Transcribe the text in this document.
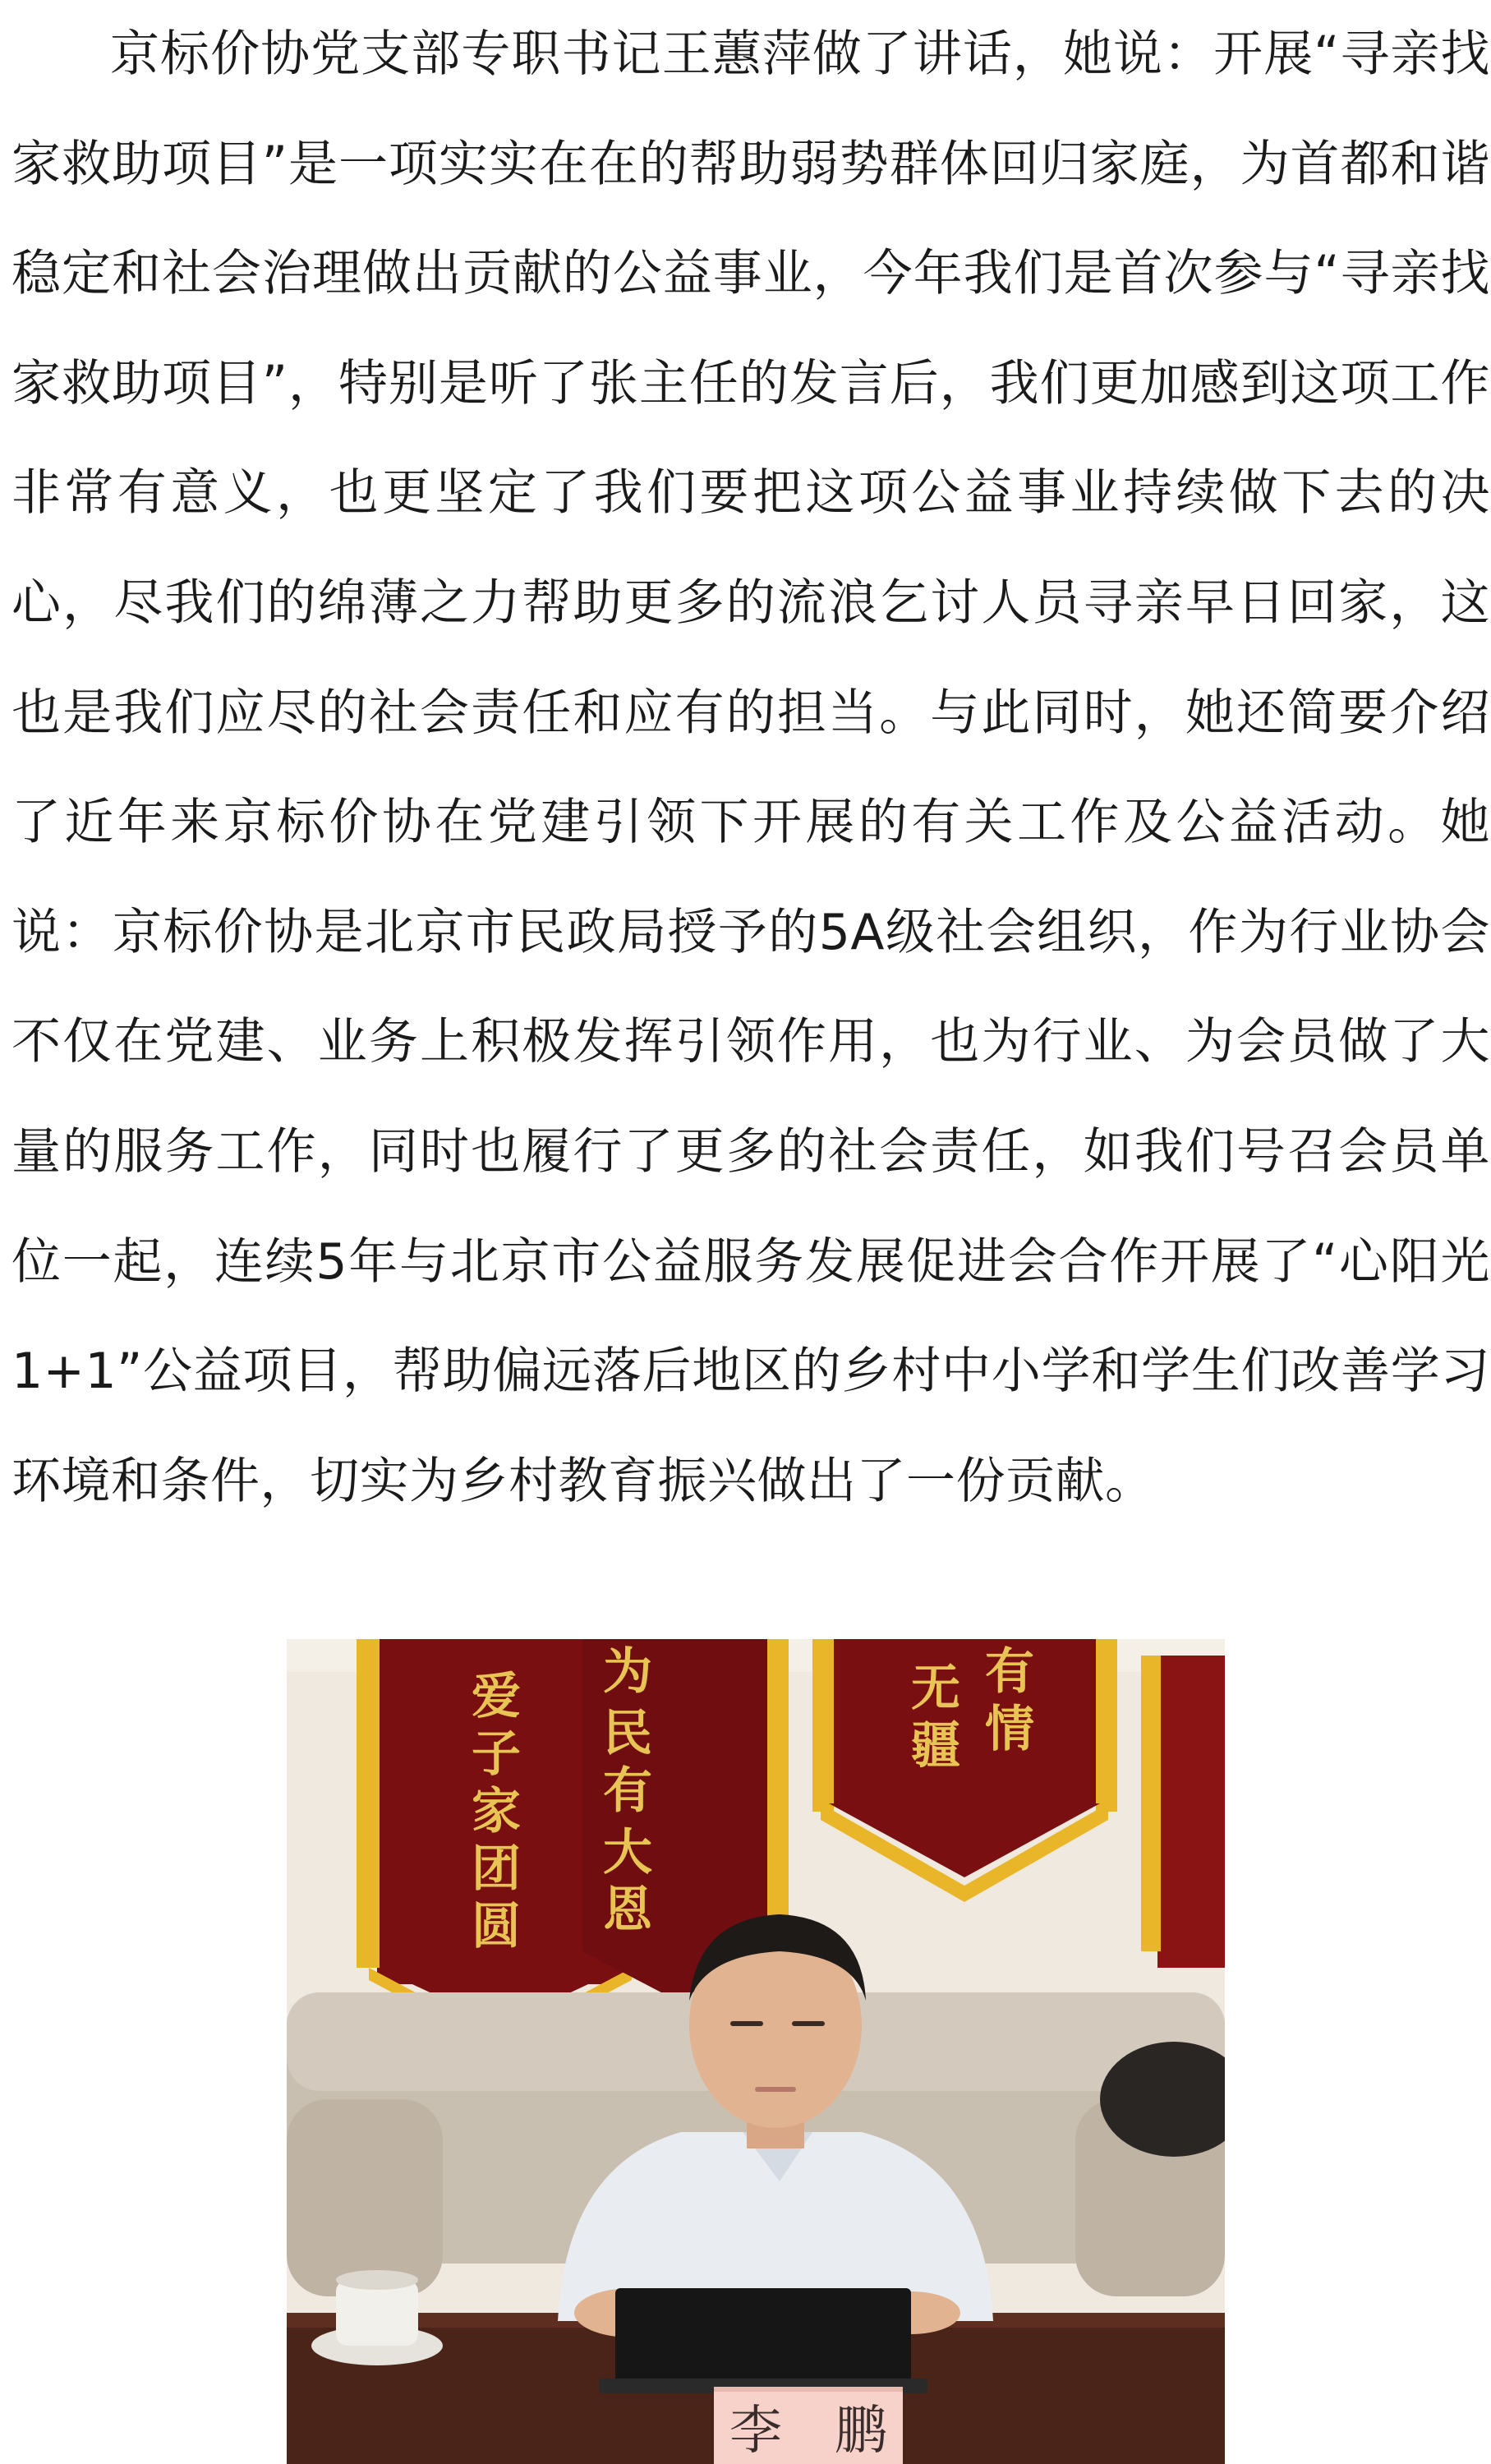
京标价协党支部专职书记王蕙萍做了讲话，她说：开展“寻亲找家救助项目”是一项实实在在的帮助弱势群体回归家庭，为首都和谐稳定和社会治理做出贡献的公益事业，今年我们是首次参与“寻亲找家救助项目”，特别是听了张主任的发言后，我们更加感到这项工作非常有意义，也更坚定了我们要把这项公益事业持续做下去的决心，尽我们的绵薄之力帮助更多的流浪乞讨人员寻亲早日回家，这也是我们应尽的社会责任和应有的担当。与此同时，她还简要介绍了近年来京标价协在党建引领下开展的有关工作及公益活动。她说：京标价协是北京市民政局授予的5A级社会组织，作为行业协会不仅在党建、业务上积极发挥引领作用，也为行业、为会员做了大量的服务工作，同时也履行了更多的社会责任，如我们号召会员单位一起，连续5年与北京市公益服务发展促进会合作开展了“心阳光1+1”公益项目，帮助偏远落后地区的乡村中小学和学生们改善学习环境和条件，切实为乡村教育振兴做出了一份贡献。

爱
子
家
团
圆
为
民
有
大
恩
无
疆
有
情
李　鹏
